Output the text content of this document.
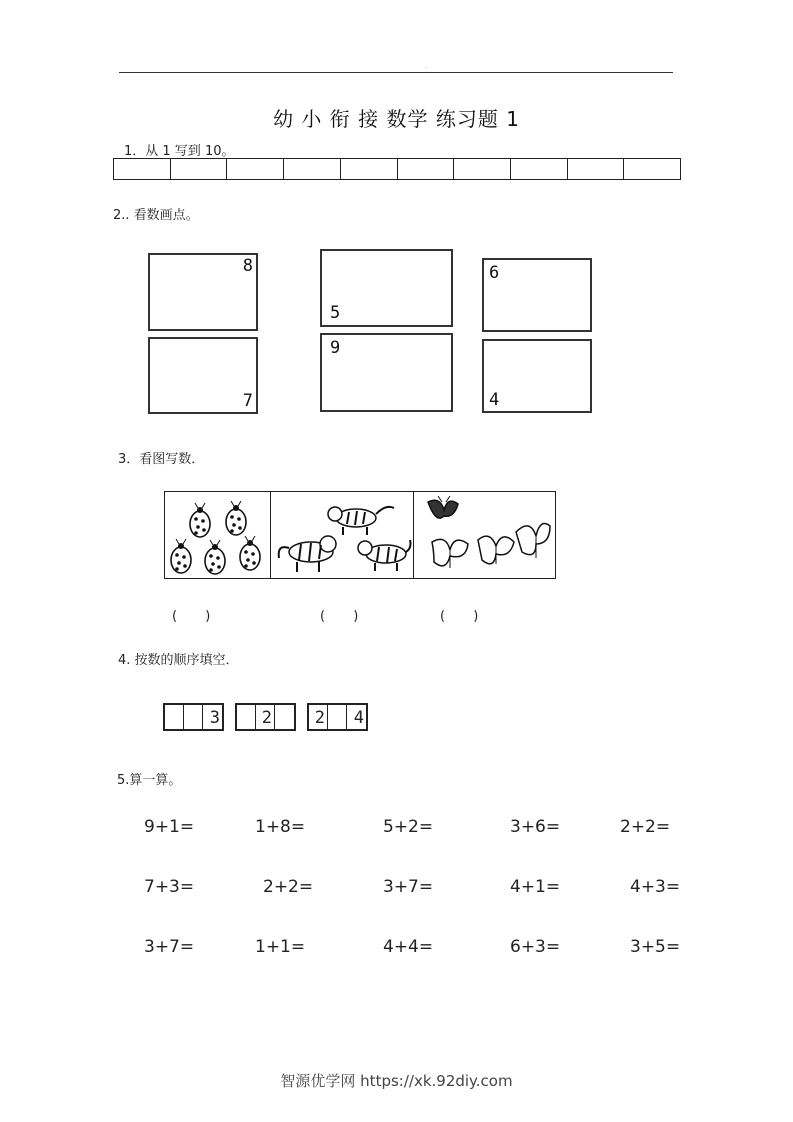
.
幼 小 衔 接 数学 练习题 1
1．从 1 写到 10。
2.. 看数画点。
8
5
6
7
9
4
3．看图写数．
( )	( )	( )
4. 按数的顺序填空．
3	2	2	4
5.算一算。
9+1=	1+8=	5+2=	3+6=	2+2=
7+3=	2+2=	3+7=	4+1=	4+3=
3+7=	1+1=	4+4=	6+3=	3+5=
智源优学网 https://xk.92diy.com
